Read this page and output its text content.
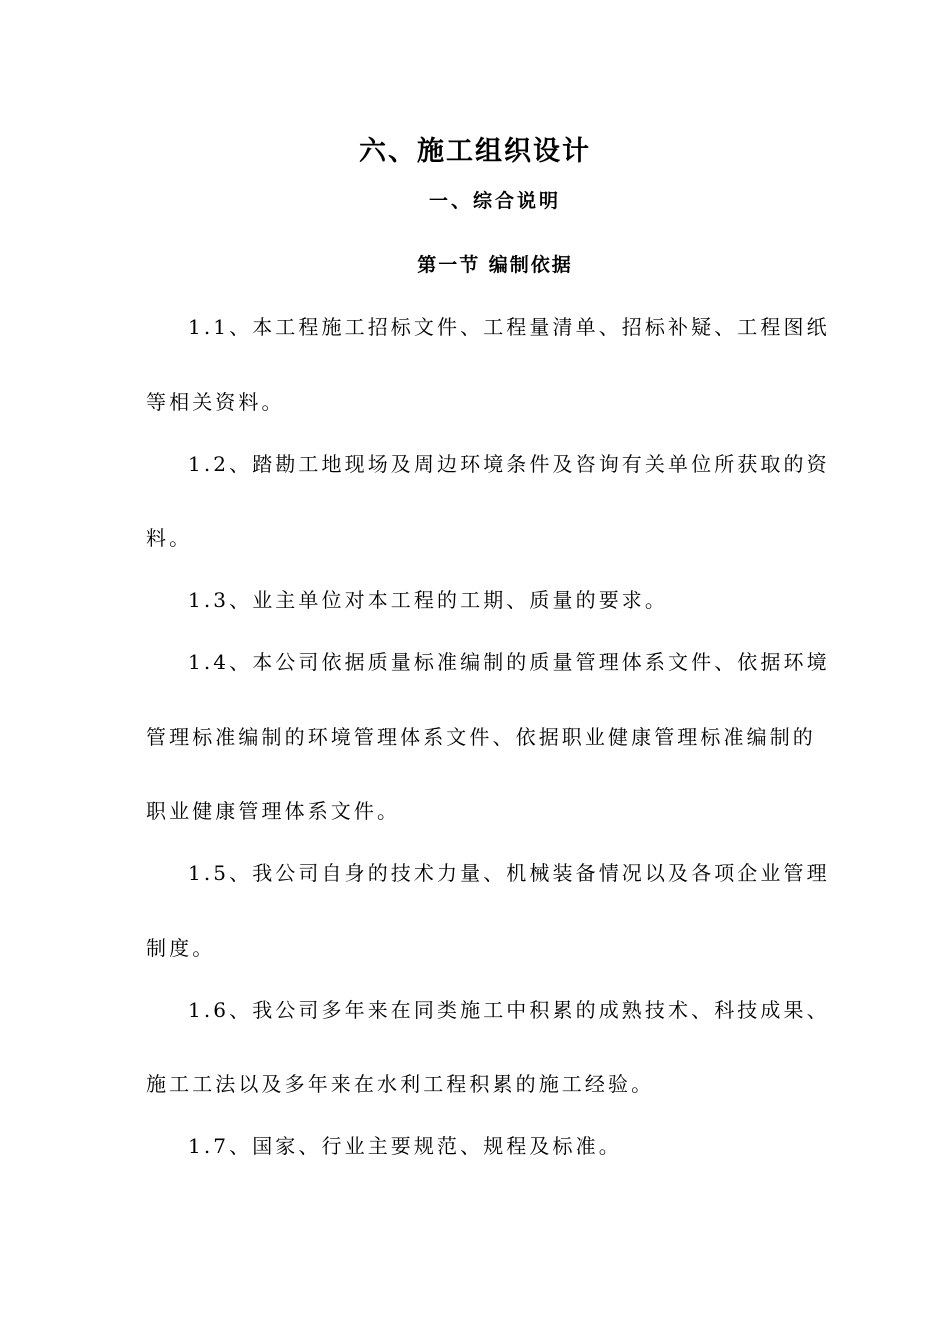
六、施工组织设计
一、综合说明
第一节 编制依据
1.1、本工程施工招标文件、工程量清单、招标补疑、工程图纸
等相关资料。
1.2、踏勘工地现场及周边环境条件及咨询有关单位所获取的资
料。
1.3、业主单位对本工程的工期、质量的要求。
1.4、本公司依据质量标准编制的质量管理体系文件、依据环境
管理标准编制的环境管理体系文件、依据职业健康管理标准编制的
职业健康管理体系文件。
1.5、我公司自身的技术力量、机械装备情况以及各项企业管理
制度。
1.6、我公司多年来在同类施工中积累的成熟技术、科技成果、
施工工法以及多年来在水利工程积累的施工经验。
1.7、国家、行业主要规范、规程及标准。
